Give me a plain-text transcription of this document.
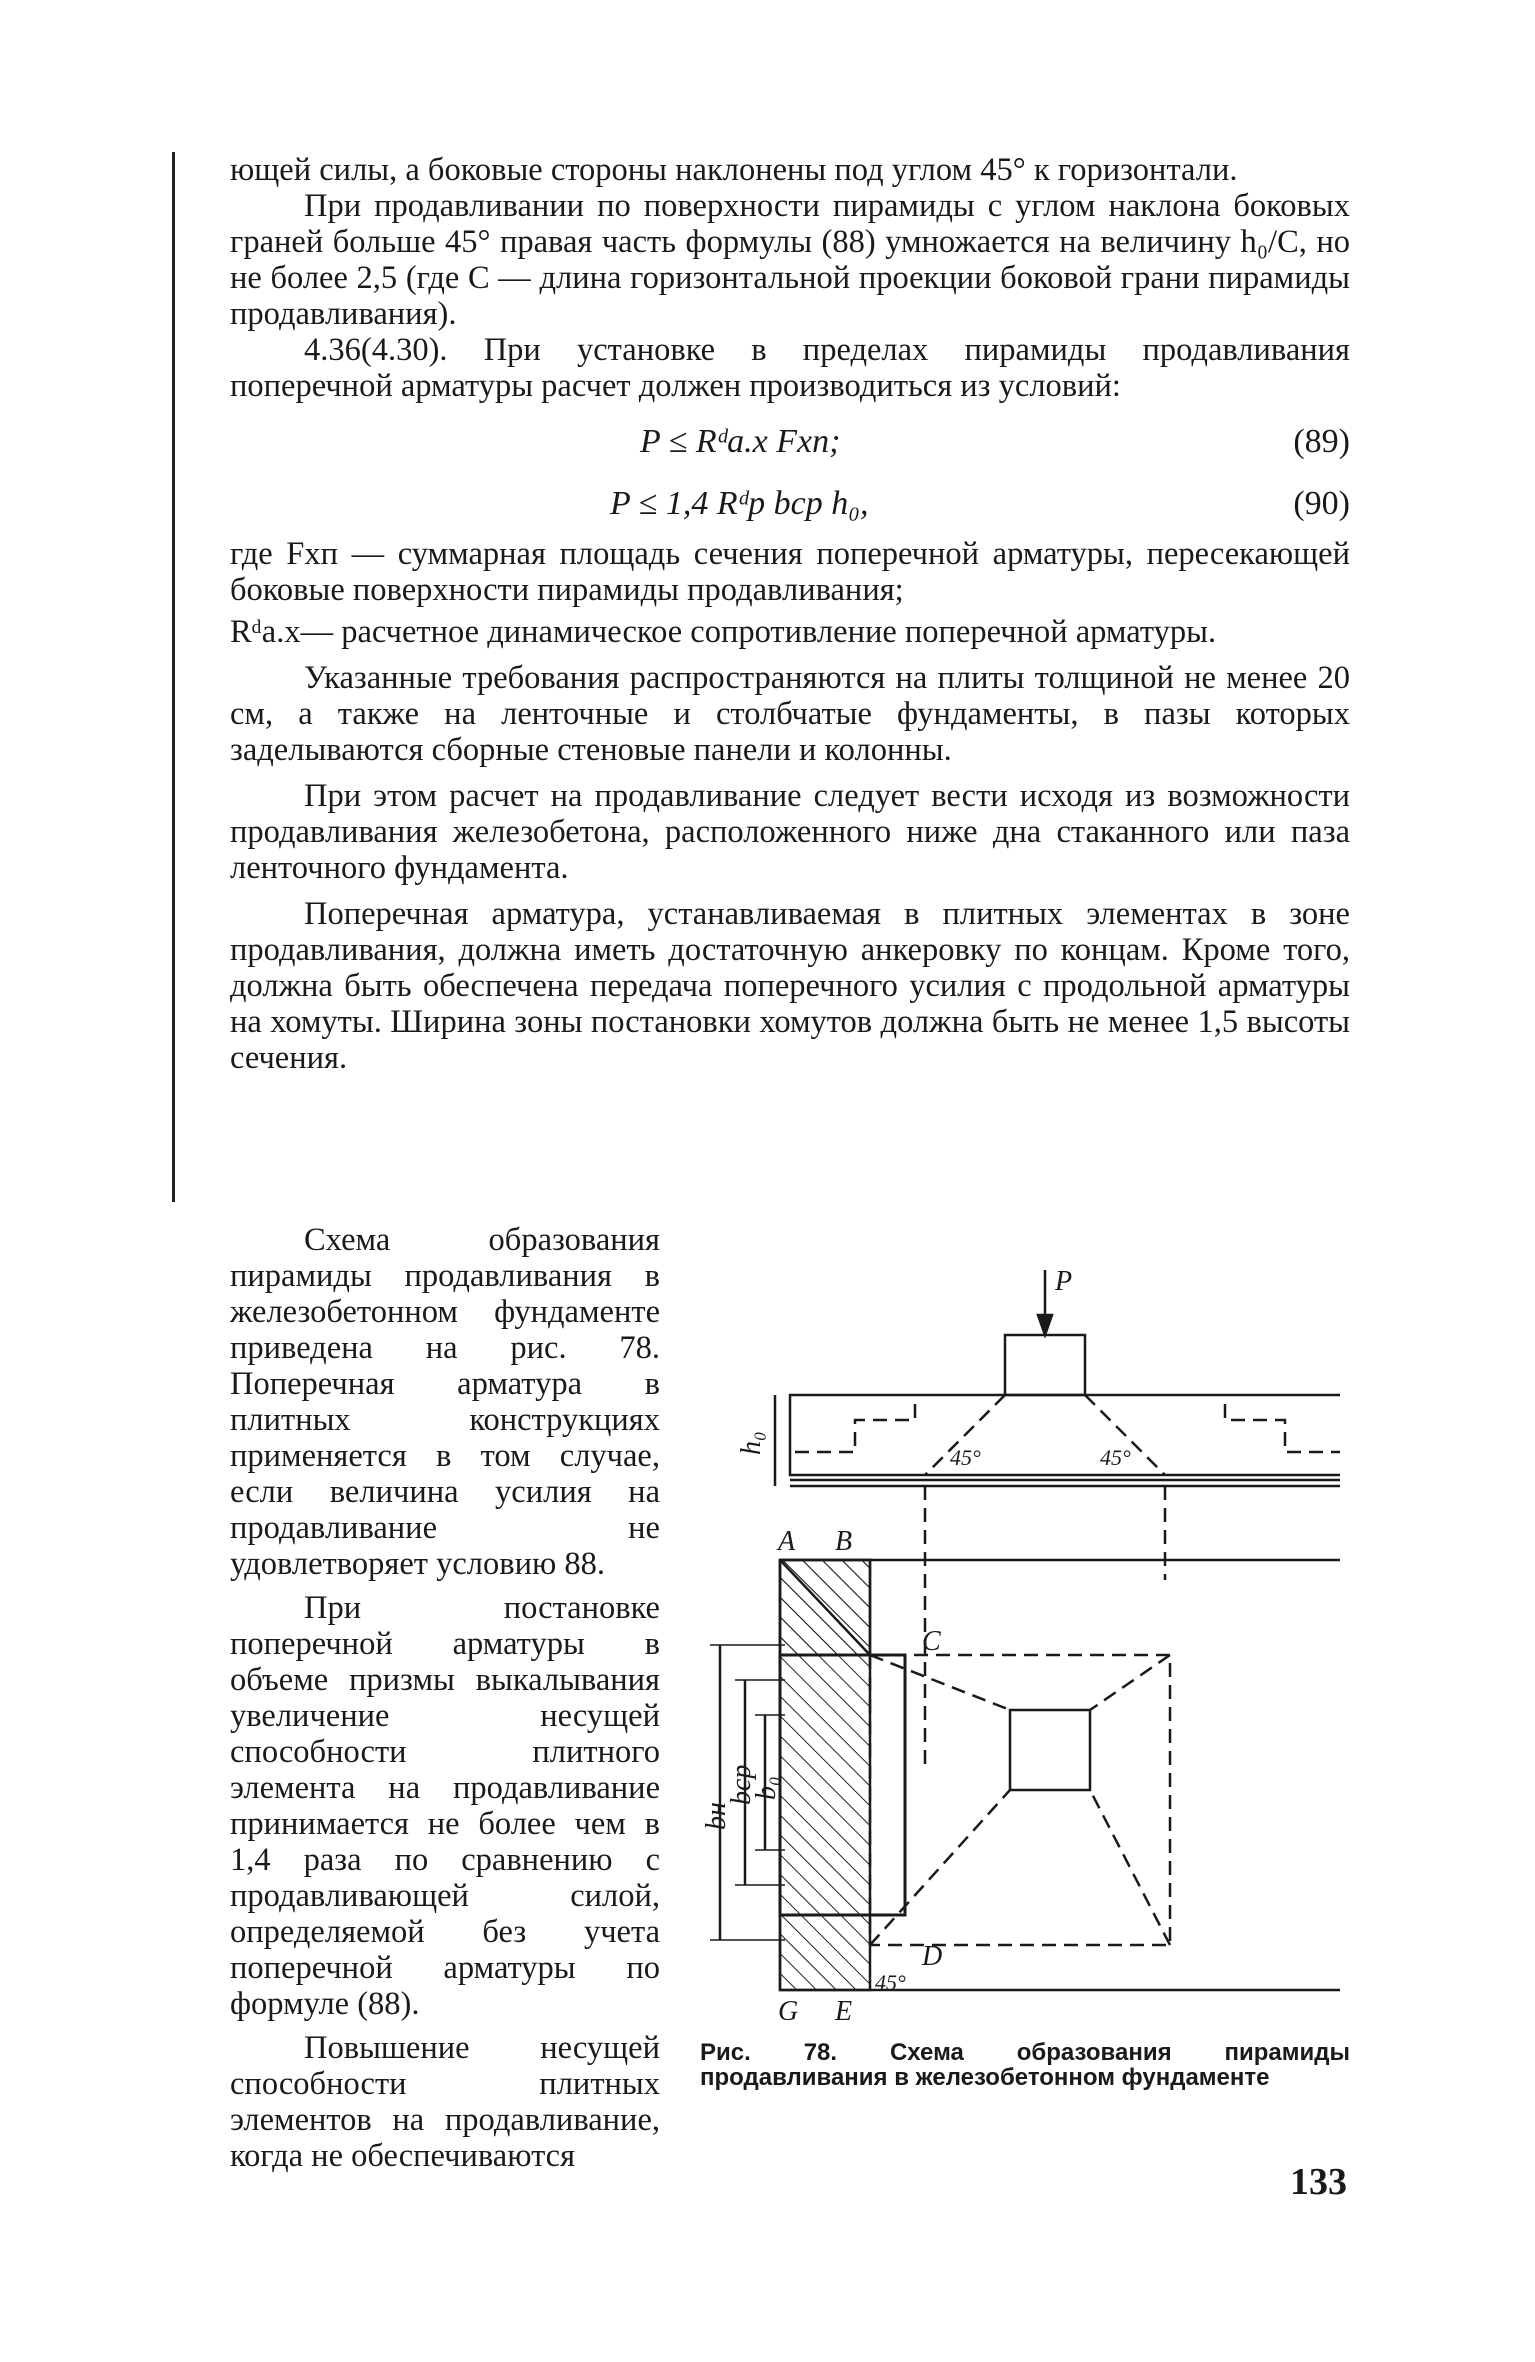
ющей силы, а боковые стороны наклонены под углом 45° к горизонтали.

При продавливании по поверхности пирамиды с углом наклона боковых граней больше 45° правая часть формулы (88) умножается на величину h₀/C, но не более 2,5 (где C — длина горизонтальной проекции боковой грани пирамиды продавливания).

4.36(4.30). При установке в пределах пирамиды продавливания поперечной арматуры расчет должен производиться из условий:

P ≤ Rᵈа.х Fхп;	(89)
P ≤ 1,4 Rᵈр bср h₀,	(90)

где Fхп — суммарная площадь сечения поперечной арматуры, пересекающей боковые поверхности пирамиды продавливания;

Rᵈа.х— расчетное динамическое сопротивление поперечной арматуры.

Указанные требования распространяются на плиты толщиной не менее 20 см, а также на ленточные и столбчатые фундаменты, в пазы которых заделываются сборные стеновые панели и колонны.

При этом расчет на продавливание следует вести исходя из возможности продавливания железобетона, расположенного ниже дна стаканного или паза ленточного фундамента.

Поперечная арматура, устанавливаемая в плитных элементах в зоне продавливания, должна иметь достаточную анкеровку по концам. Кроме того, должна быть обеспечена передача поперечного усилия с продольной арматуры на хомуты. Ширина зоны постановки хомутов должна быть не менее 1,5 высоты сечения.

Схема образования пирамиды продавливания в железобетонном фундаменте приведена на рис. 78. Поперечная арматура в плитных конструкциях применяется в том случае, если величина усилия на продавливание не удовлетворяет условию 88.

При постановке поперечной арматуры в объеме призмы выкалывания увеличение несущей способности плитного элемента на продавливание принимается не более чем в 1,4 раза по сравнению с продавливающей силой, определяемой без учета поперечной арматуры по формуле (88).

Повышение несущей способности плитных элементов на продавливание, когда не обеспечиваются

P
h₀
45°	45°
A B
C
D
G E
45°
bср
b₀
bн
Рис. 78. Схема образования пирамиды продавливания в железобетонном фундаменте
133
